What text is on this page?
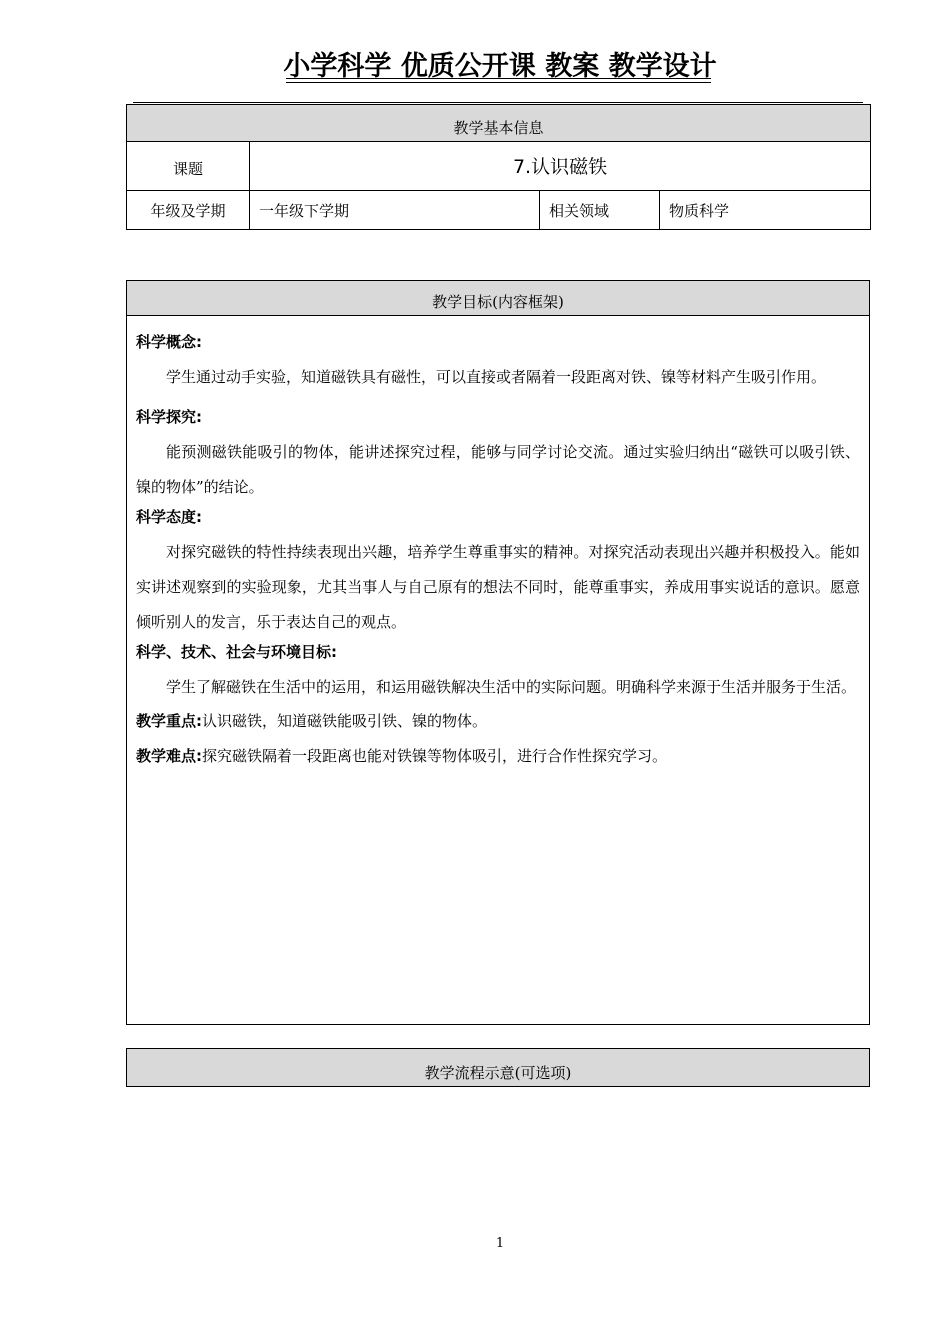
小学科学 优质公开课 教案 教学设计
教学基本信息			
课题	7.认识磁铁		
年级及学期	一年级下学期	相关领域	物质科学
教学目标(内容框架)

科学概念:

学生通过动手实验，知道磁铁具有磁性，可以直接或者隔着一段距离对铁、镍等材料产生吸引作用。

科学探究:

能预测磁铁能吸引的物体，能讲述探究过程，能够与同学讨论交流。通过实验归纳出“磁铁可以吸引铁、镍的物体”的结论。

科学态度:

对探究磁铁的特性持续表现出兴趣，培养学生尊重事实的精神。对探究活动表现出兴趣并积极投入。能如实讲述观察到的实验现象，尤其当事人与自己原有的想法不同时，能尊重事实，养成用事实说话的意识。愿意倾听别人的发言，乐于表达自己的观点。

科学、技术、社会与环境目标:

学生了解磁铁在生活中的运用，和运用磁铁解决生活中的实际问题。明确科学来源于生活并服务于生活。

教学重点:认识磁铁，知道磁铁能吸引铁、镍的物体。
教学难点:探究磁铁隔着一段距离也能对铁镍等物体吸引，进行合作性探究学习。
教学流程示意(可选项)
1
